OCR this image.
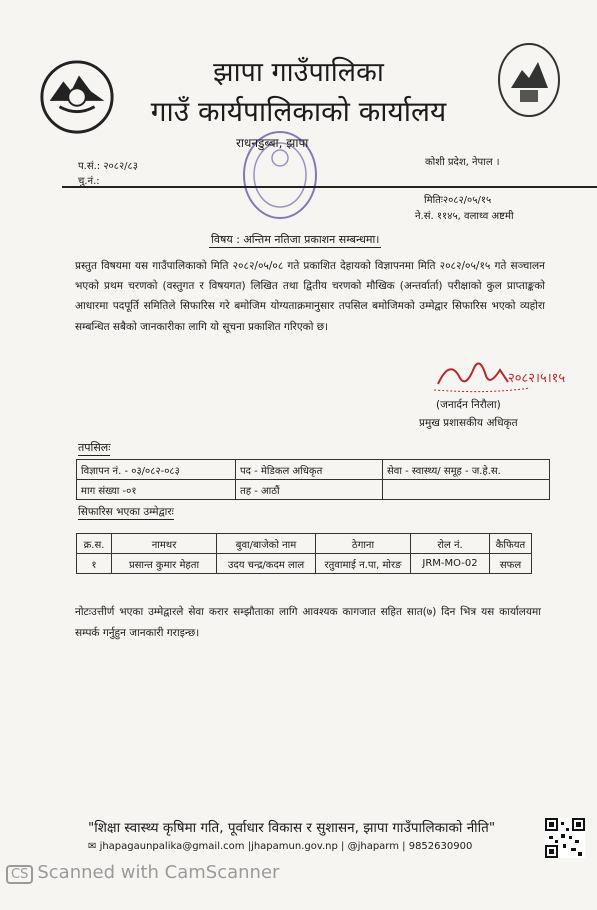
झापा गाउँपालिका
गाउँ कार्यपालिकाको कार्यालय
राधनडुब्बा, झापा
प.सं.: २०८२/८३
चु.नं.:
कोशी प्रदेश, नेपाल ।
मितिः२०८२/०५/१५
ने.सं. ११४५, वलाथ्व अष्टमी
विषय : अन्तिम नतिजा प्रकाशन सम्बन्धमा।
प्रस्तुत विषयमा यस गाउँपालिकाको मिति २०८२/०५/०८ गते प्रकाशित देहायको विज्ञापनमा मिति २०८२/०५/१५ गते सञ्चालन भएको प्रथम चरणको (वस्तुगत र विषयगत) लिखित तथा द्वितीय चरणको मौखिक (अन्तर्वार्ता) परीक्षाको कुल प्राप्ताङ्कको आधारमा पदपूर्ति समितिले सिफारिस गरे बमोजिम योग्यताक्रमानुसार तपसिल बमोजिमको उम्मेद्वार सिफारिस भएको व्यहोरा सम्बन्धित सबैको जानकारीका लागि यो सूचना प्रकाशित गरिएको छ।
२०८२।५।१५
(जनार्दन निरौला)
प्रमुख प्रशासकीय अधिकृत
तपसिलः
विज्ञापन नं. - ०३/०८२-०८३	पद - मेडिकल अधिकृत	सेवा - स्वास्थ्य/ समूह - ज.हे.स.
माग संख्या -०१	तह - आठौं	
सिफारिस भएका उम्मेद्वारः
क्र.स.	नामथर	बुवा/बाजेको नाम	ठेगाना	रोल नं.	कैफियत
१	प्रसान्त कुमार मेहता	उदय चन्द्र/कदम लाल	रतुवामाई न.पा, मोरङ	JRM-MO-02	सफल
नोटःउत्तीर्ण भएका उम्मेद्वारले सेवा करार सम्झौताका लागि आवश्यक कागजात सहित सात(७) दिन भित्र यस कार्यालयमा सम्पर्क गर्नुहुन जानकारी गराइन्छ।
"शिक्षा स्वास्थ्य कृषिमा गति, पूर्वाधार विकास र सुशासन, झापा गाउँपालिकाको नीति"
✉ jhapagaunpalika@gmail.com |jhapamun.gov.np | @jhaparm | 9852630900
CS Scanned with CamScanner
